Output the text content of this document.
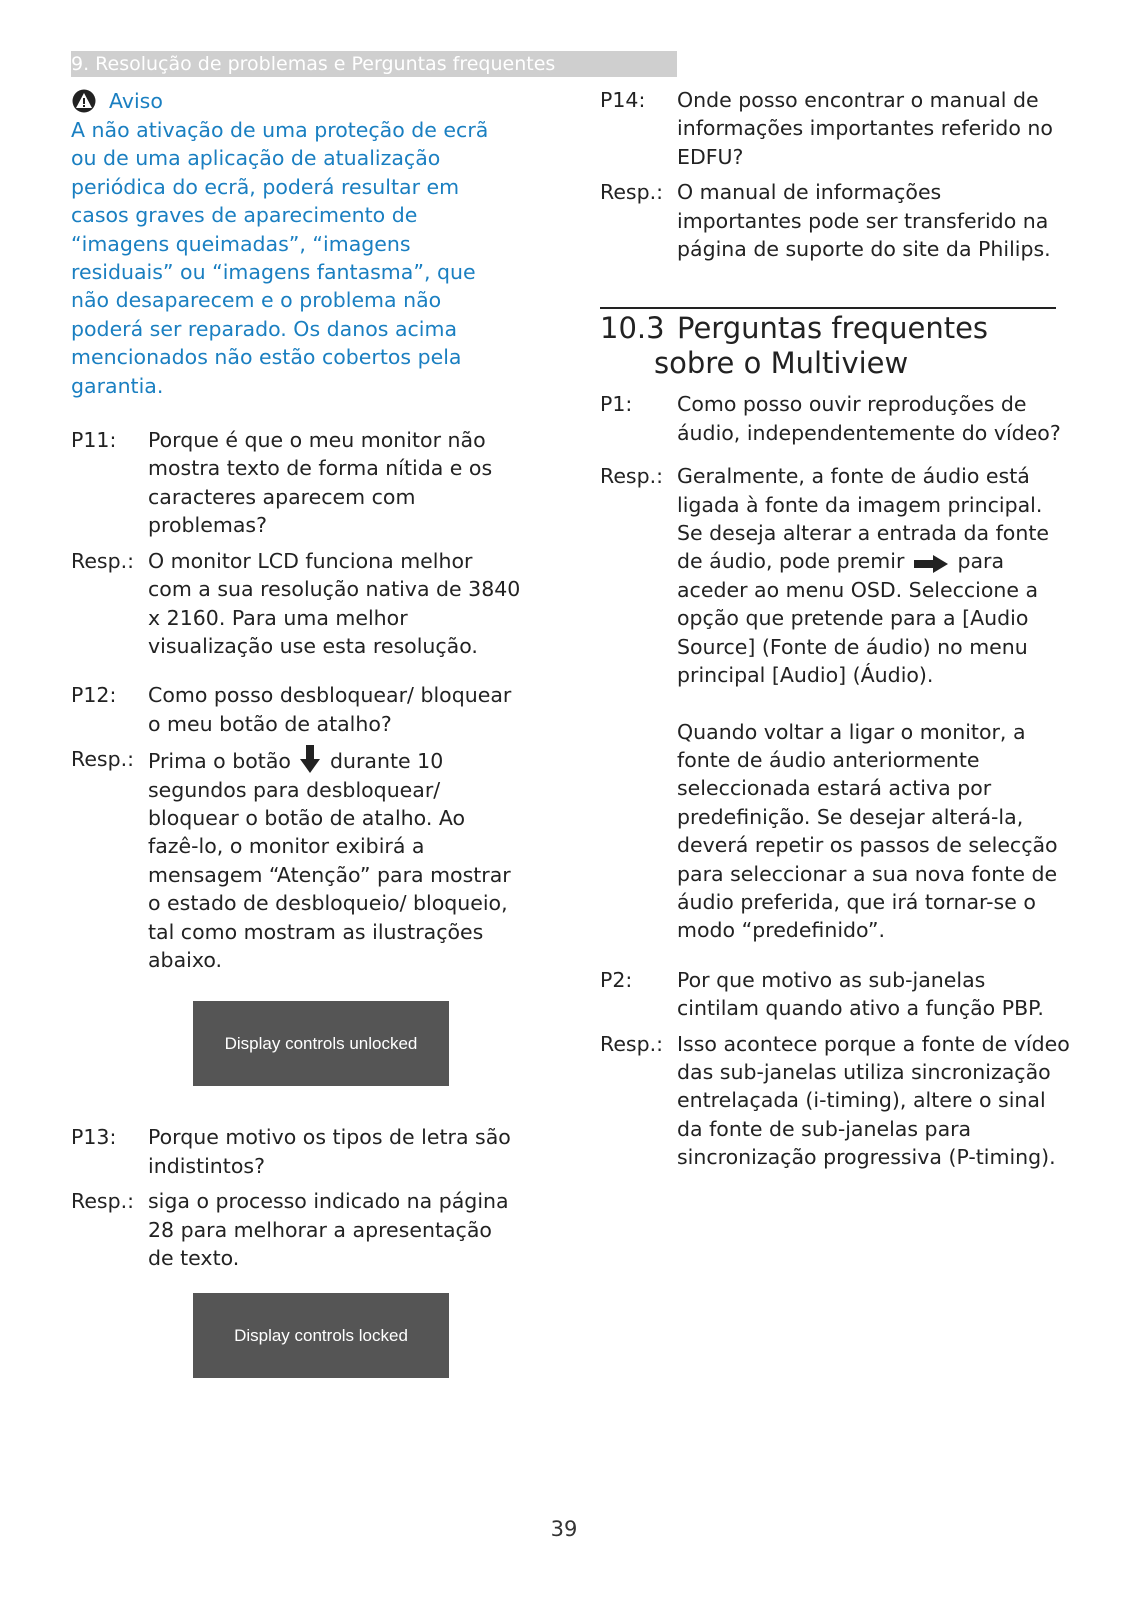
9. Resolução de problemas e Perguntas frequentes
Aviso

A não ativação de uma proteção de ecrã ou de uma aplicação de atualização periódica do ecrã, poderá resultar em casos graves de aparecimento de “imagens queimadas”, “imagens residuais” ou “imagens fantasma”, que não desaparecem e o problema não poderá ser reparado. Os danos acima mencionados não estão cobertos pela garantia.

P11:	Porque é que o meu monitor não mostra texto de forma nítida e os caracteres aparecem com problemas?
Resp.: O monitor LCD funciona melhor com a sua resolução nativa de 3840 x 2160. Para uma melhor visualização use esta resolução.
P12:	Como posso desbloquear/ bloquear o meu botão de atalho?
Resp.: Prima o botão durante 10 segundos para desbloquear/ bloquear o botão de atalho. Ao fazê-lo, o monitor exibirá a mensagem “Atenção” para mostrar o estado de desbloqueio/ bloqueio, tal como mostram as ilustrações abaixo.
Display controls unlocked
P13:	Porque motivo os tipos de letra são indistintos?
Resp.: siga o processo indicado na página 28 para melhorar a apresentação de texto.
Display controls locked
P14:	Onde posso encontrar o manual de informações importantes referido no EDFU?
Resp.: O manual de informações importantes pode ser transferido na página de suporte do site da Philips.
10.3 Perguntas frequentes
sobre o Multiview
P1:	Como posso ouvir reproduções de áudio, independentemente do vídeo?
Resp.: Geralmente, a fonte de áudio está ligada à fonte da imagem principal. Se deseja alterar a entrada da fonte de áudio, pode premir	para aceder ao menu OSD. Seleccione a opção que pretende para a [Audio Source] (Fonte de áudio) no menu principal [Audio] (Áudio).
Quando voltar a ligar o monitor, a fonte de áudio anteriormente seleccionada estará activa por predefinição. Se desejar alterá-la, deverá repetir os passos de selecção para seleccionar a sua nova fonte de áudio preferida, que irá tornar-se o modo “predefinido”.
P2:	Por que motivo as sub-janelas cintilam quando ativo a função PBP.
Resp.: Isso acontece porque a fonte de vídeo das sub-janelas utiliza sincronização entrelaçada (i-timing), altere o sinal da fonte de sub-janelas para sincronização progressiva (P-timing).
39
